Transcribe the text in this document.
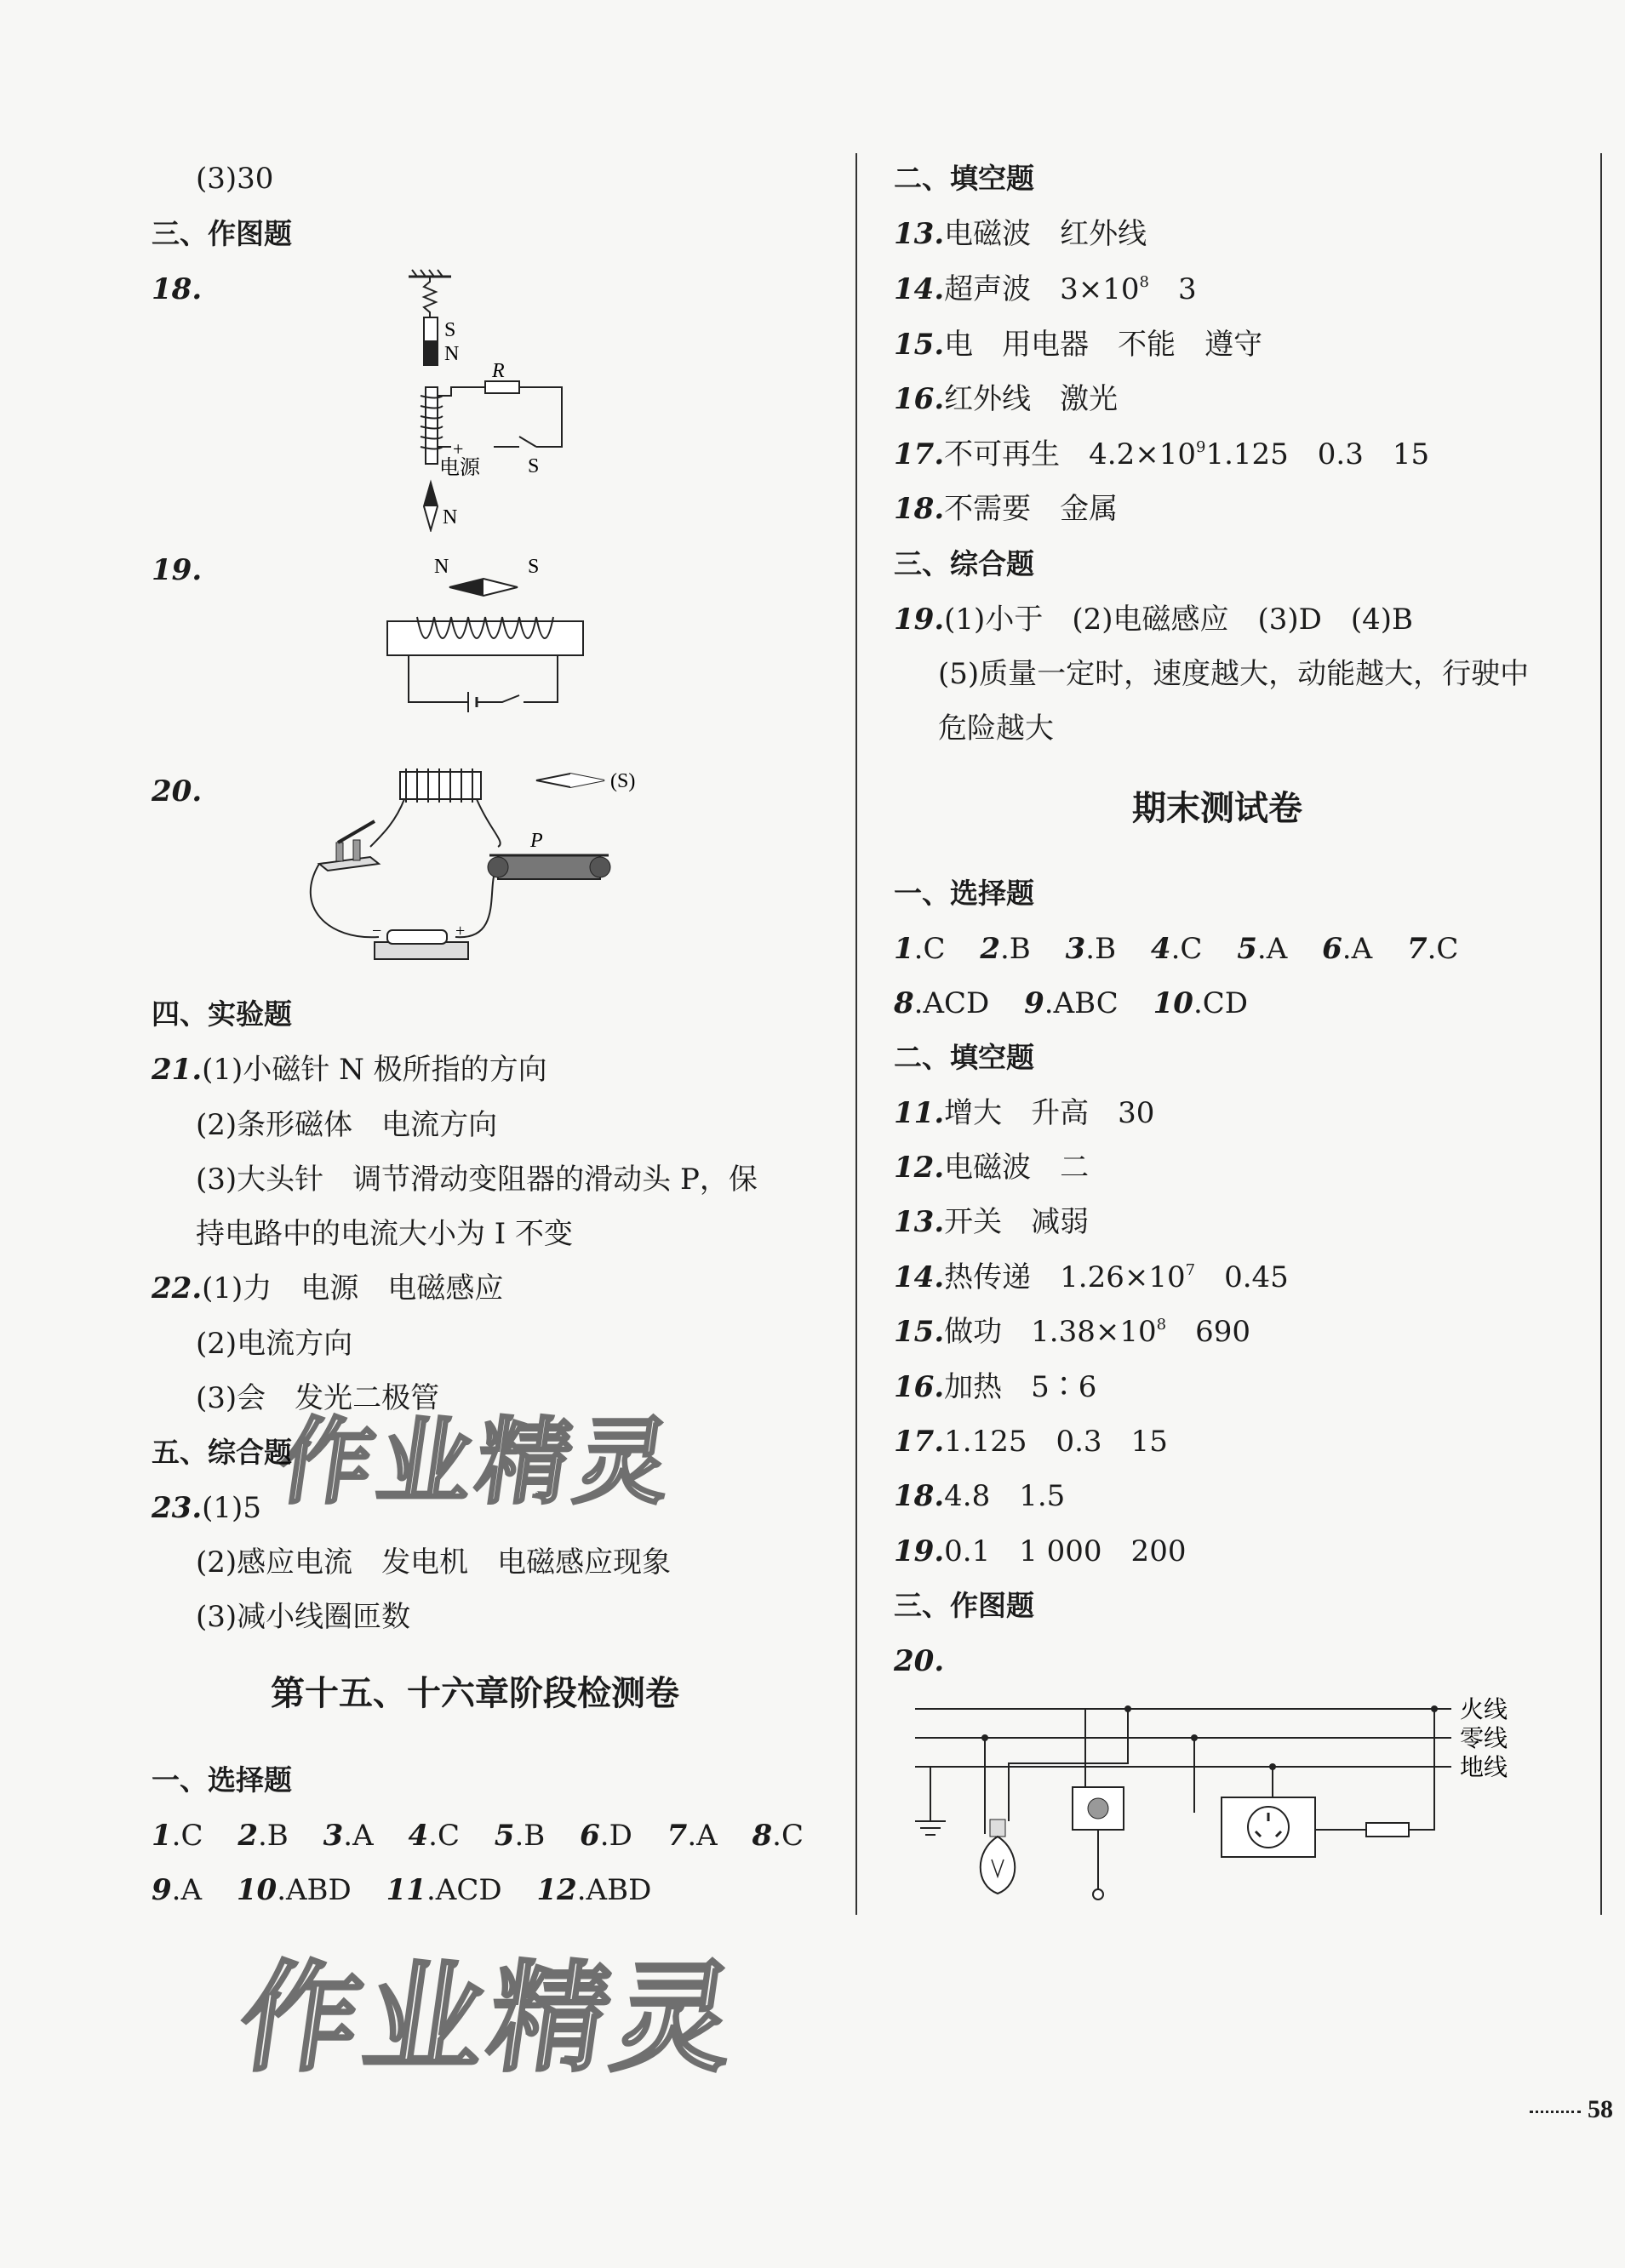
(3)30
三、作图题
18.
S
N
R
+
电源 S
N
19.	N	S
20.	(S)
P
−	+
四、实验题
21.(1)小磁针 N 极所指的方向
(2)条形磁体　电流方向
(3)大头针　调节滑动变阻器的滑动头 P，保
持电路中的电流大小为 I 不变
22.(1)力　电源　电磁感应
(2)电流方向
(3)会　发光二极管
五、综合题
23.(1)5
(2)感应电流　发电机　电磁感应现象
(3)减小线圈匝数
第十五、十六章阶段检测卷
一、选择题
1.C 2.B 3.A 4.C 5.B 6.D 7.A 8.C
9.A 10.ABD 11.ACD 12.ABD
作业精灵
作业精灵
二、填空题
13.电磁波　红外线
14.超声波　$3\times 10^8$　3
15.电　用电器　不能　遵守
16.红外线　激光
17.不可再生　$4.2\times 10^91.125$　0.3　15
18.不需要　金属
三、综合题
19.(1)小于　(2)电磁感应　(3)D　(4)B
(5)质量一定时，速度越大，动能越大，行驶中
危险越大
期末测试卷
一、选择题
1.C 2.B 3.B 4.C 5.A 6.A 7.C
8.ACD 9.ABC 10.CD
二、填空题
11.增大　升高　30
12.电磁波　二
13.开关　减弱
14.热传递　$1.26\times 10^7$　0.45
15.做功　$1.38\times 10^8$　690
16.加热　5∶6
17.1.125　0.3　15
18.4.8　1.5
19.0.1　1 000　200
三、作图题
20.
火线
零线
地线
58
